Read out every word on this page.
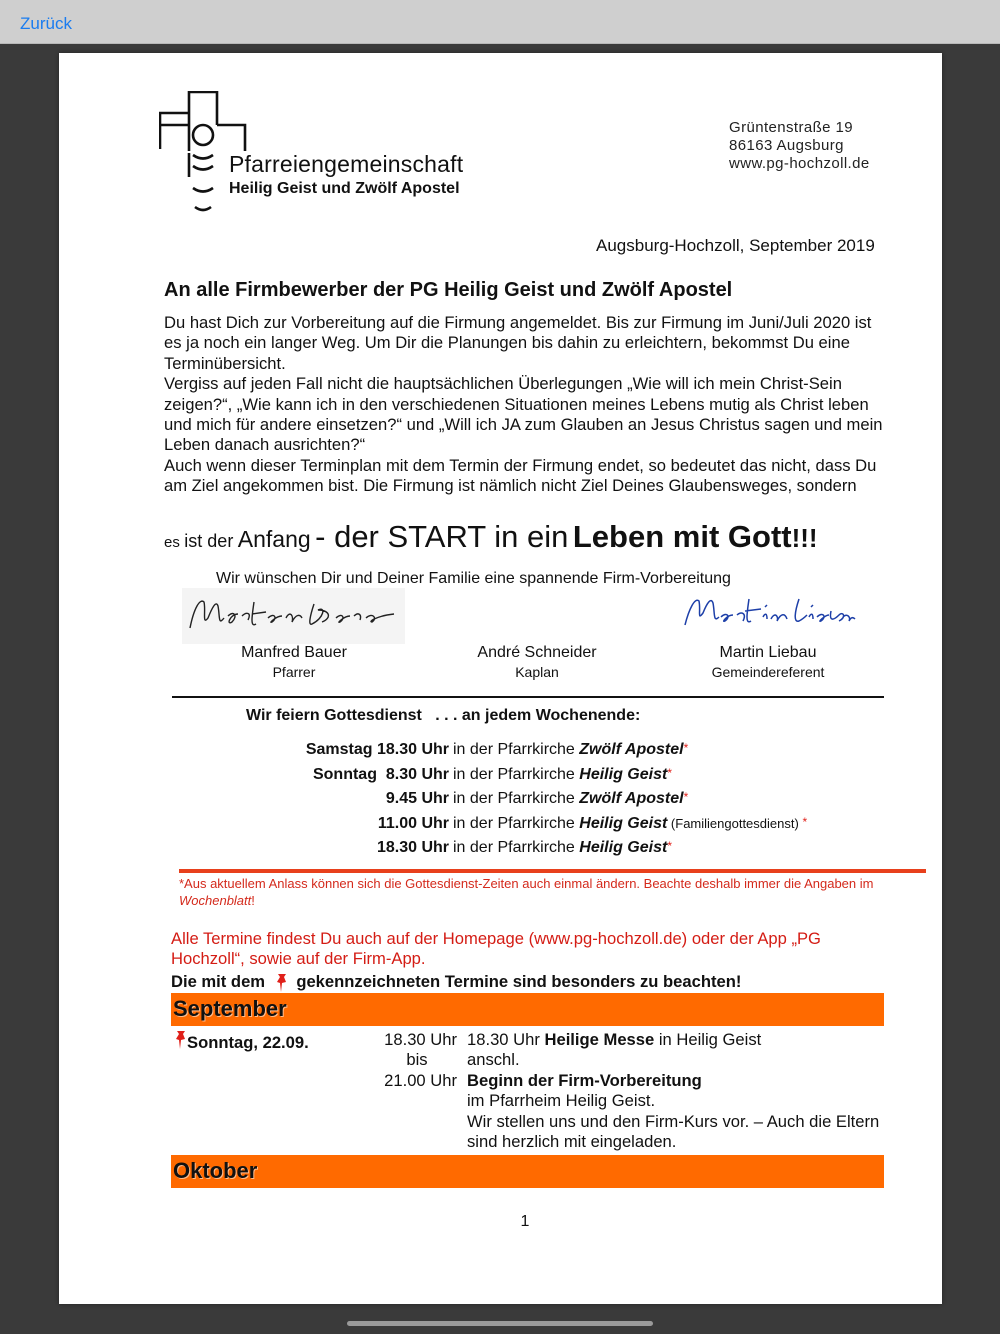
Zurück
Pfarreiengemeinschaft
Heilig Geist und Zwölf Apostel
Grüntenstraße 19
86163 Augsburg
www.pg-hochzoll.de
Augsburg-Hochzoll, September 2019
An alle Firmbewerber der PG Heilig Geist und Zwölf Apostel

Du hast Dich zur Vorbereitung auf die Firmung angemeldet. Bis zur Firmung im Juni/Juli 2020 ist es ja noch ein langer Weg. Um Dir die Planungen bis dahin zu erleichtern, bekommst Du eine Terminübersicht.

Vergiss auf jeden Fall nicht die hauptsächlichen Überlegungen „Wie will ich mein Christ-Sein zeigen?“, „Wie kann ich in den verschiedenen Situationen meines Lebens mutig als Christ leben und mich für andere einsetzen?“ und „Will ich JA zum Glauben an Jesus Christus sagen und mein Leben danach ausrichten?“

Auch wenn dieser Terminplan mit dem Termin der Firmung endet, so bedeutet das nicht, dass Du am Ziel angekommen bist. Die Firmung ist nämlich nicht Ziel Deines Glaubensweges, sondern

es ist der Anfang - der START in ein Leben mit Gott!!!
Wir wünschen Dir und Deiner Familie eine spannende Firm-Vorbereitung
Manfred Bauer
Pfarrer
André Schneider
Kaplan
Martin Liebau
Gemeindereferent
Wir feiern Gottesdienst   . . . an jedem Wochenende:
Samstag 18.30 Uhr in der Pfarrkirche Zwölf Apostel*
Sonntag  8.30 Uhr in der Pfarrkirche Heilig Geist*
9.45 Uhr in der Pfarrkirche Zwölf Apostel*
11.00 Uhr in der Pfarrkirche Heilig Geist (Familiengottesdienst) *
18.30 Uhr in der Pfarrkirche Heilig Geist*
*Aus aktuellem Anlass können sich die Gottesdienst-Zeiten auch einmal ändern. Beachte deshalb immer die Angaben im Wochenblatt!
Alle Termine findest Du auch auf der Homepage (www.pg-hochzoll.de) oder der App „PG Hochzoll“, sowie auf der Firm-App.
Die mit dem gekennzeichneten Termine sind besonders zu beachten!
September
Sonntag, 22.09.	18.30 Uhr
bis
21.00 Uhr
18.30 Uhr Heilige Messe in Heilig Geist
anschl.
Beginn der Firm-Vorbereitung
im Pfarrheim Heilig Geist.
Wir stellen uns und den Firm-Kurs vor. – Auch die Eltern sind herzlich mit eingeladen.
Oktober
1
